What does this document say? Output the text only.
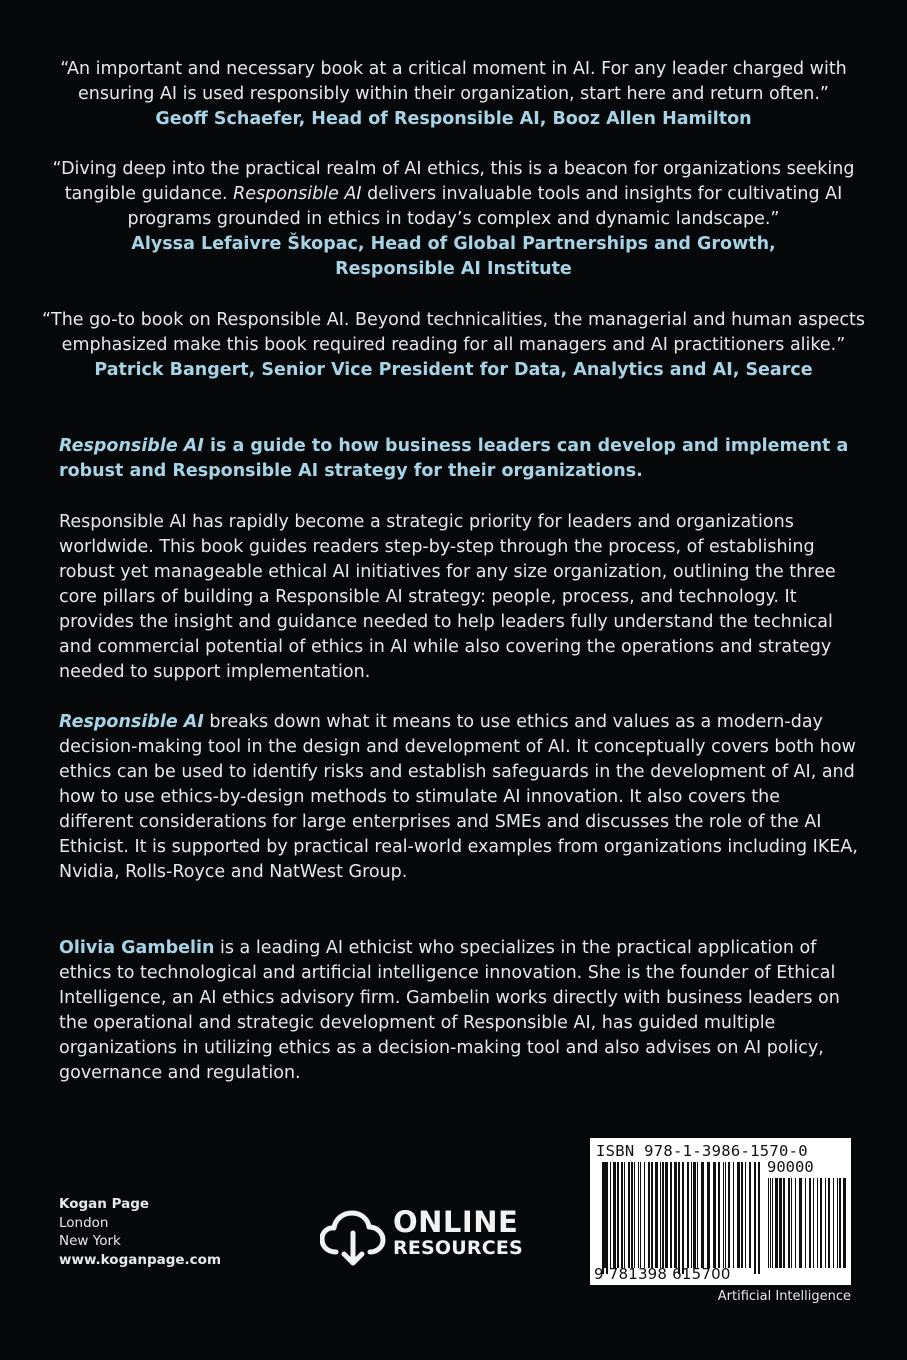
“An important and necessary book at a critical moment in AI. For any leader charged with ensuring AI is used responsibly within their organization, start here and return often.”
Geoff Schaefer, Head of Responsible AI, Booz Allen Hamilton
“Diving deep into the practical realm of AI ethics, this is a beacon for organizations seeking tangible guidance. Responsible AI delivers invaluable tools and insights for cultivating AI programs grounded in ethics in today’s complex and dynamic landscape.”
Alyssa Lefaivre Škopac, Head of Global Partnerships and Growth,
Responsible AI Institute
“The go-to book on Responsible AI. Beyond technicalities, the managerial and human aspects emphasized make this book required reading for all managers and AI practitioners alike.”
Patrick Bangert, Senior Vice President for Data, Analytics and AI, Searce
Responsible AI is a guide to how business leaders can develop and implement a robust and Responsible AI strategy for their organizations.
Responsible AI has rapidly become a strategic priority for leaders and organizations worldwide. This book guides readers step-by-step through the process, of establishing robust yet manageable ethical AI initiatives for any size organization, outlining the three core pillars of building a Responsible AI strategy: people, process, and technology. It provides the insight and guidance needed to help leaders fully understand the technical and commercial potential of ethics in AI while also covering the operations and strategy needed to support implementation.
Responsible AI breaks down what it means to use ethics and values as a modern-day decision-making tool in the design and development of AI. It conceptually covers both how ethics can be used to identify risks and establish safeguards in the development of AI, and how to use ethics-by-design methods to stimulate AI innovation. It also covers the different considerations for large enterprises and SMEs and discusses the role of the AI Ethicist. It is supported by practical real-world examples from organizations including IKEA, Nvidia, Rolls-Royce and NatWest Group.
Olivia Gambelin is a leading AI ethicist who specializes in the practical application of ethics to technological and artificial intelligence innovation. She is the founder of Ethical Intelligence, an AI ethics advisory firm. Gambelin works directly with business leaders on the operational and strategic development of Responsible AI, has guided multiple organizations in utilizing ethics as a decision-making tool and also advises on AI policy, governance and regulation.
Kogan Page
London
New York
www.koganpage.com
ONLINE
RESOURCES
ISBN 978-1-3986-1570-0
90000
9 781398 615700
Artificial Intelligence
